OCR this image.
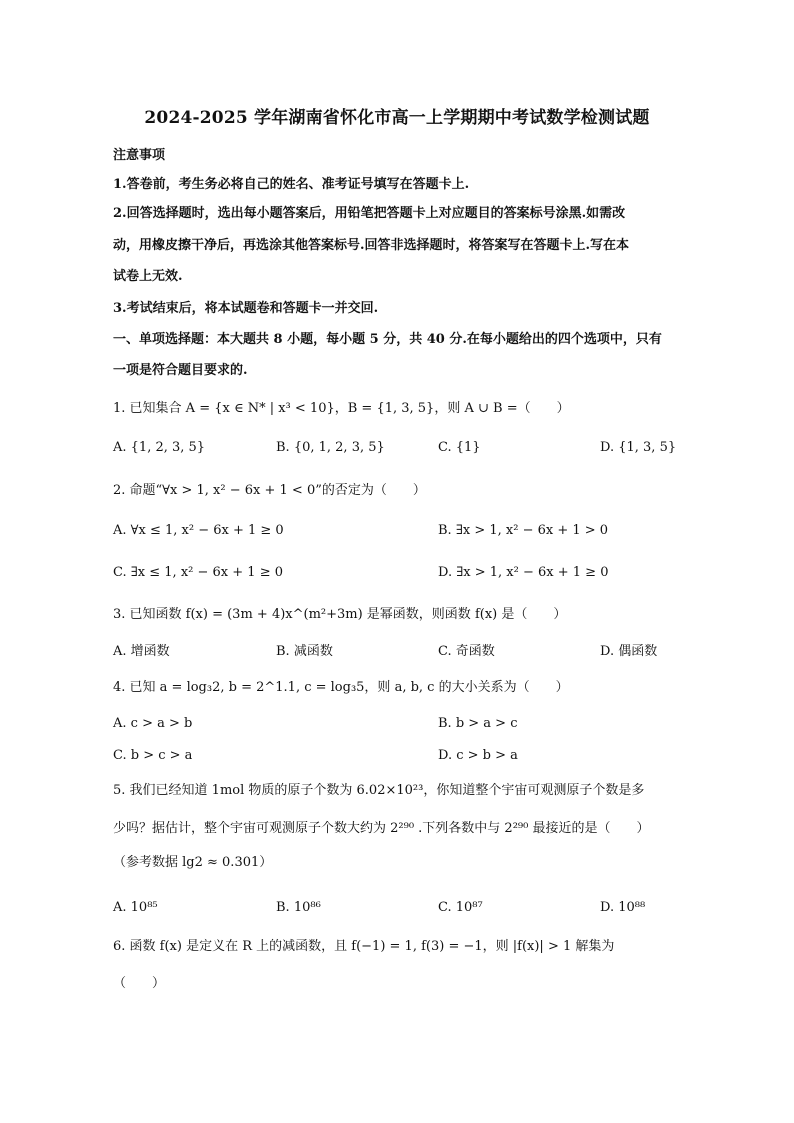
2024-2025 学年湖南省怀化市高一上学期期中考试数学检测试题
注意事项
1.答卷前，考生务必将自己的姓名、准考证号填写在答题卡上.
2.回答选择题时，选出每小题答案后，用铅笔把答题卡上对应题目的答案标号涂黑.如需改
动，用橡皮擦干净后，再选涂其他答案标号.回答非选择题时，将答案写在答题卡上.写在本
试卷上无效.
3.考试结束后，将本试题卷和答题卡一并交回.
一、单项选择题：本大题共 8 小题，每小题 5 分，共 40 分.在每小题给出的四个选项中，只有
一项是符合题目要求的.
1. 已知集合 A = {x ∈ N* | x³ < 10}，B = {1, 3, 5}，则 A ∪ B =（　　）
A. {1, 2, 3, 5}	B. {0, 1, 2, 3, 5}	C. {1}	D. {1, 3, 5}
2. 命题“∀x > 1, x² − 6x + 1 < 0”的否定为（　　）
A. ∀x ≤ 1, x² − 6x + 1 ≥ 0	B. ∃x > 1, x² − 6x + 1 > 0
C. ∃x ≤ 1, x² − 6x + 1 ≥ 0	D. ∃x > 1, x² − 6x + 1 ≥ 0
3. 已知函数 f(x) = (3m + 4)x^(m²+3m) 是幂函数，则函数 f(x) 是（　　）
A. 增函数	B. 减函数	C. 奇函数	D. 偶函数
4. 已知 a = log₃2, b = 2^1.1, c = log₃5，则 a, b, c 的大小关系为（　　）
A. c > a > b	B. b > a > c
C. b > c > a	D. c > b > a
5. 我们已经知道 1mol 物质的原子个数为 6.02×10²³，你知道整个宇宙可观测原子个数是多
少吗？据估计，整个宇宙可观测原子个数大约为 2²⁹⁰ .下列各数中与 2²⁹⁰ 最接近的是（　　）
（参考数据 lg2 ≈ 0.301）
A. 10⁸⁵	B. 10⁸⁶	C. 10⁸⁷	D. 10⁸⁸
6. 函数 f(x) 是定义在 R 上的减函数，且 f(−1) = 1, f(3) = −1，则 |f(x)| > 1 解集为
（　　）
